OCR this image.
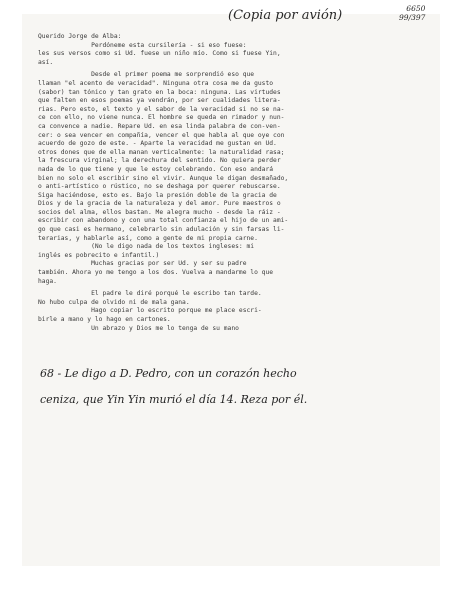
(Copia por avión)	6650
99/397
Querido Jorge de Alba:
Perdóneme esta cursilería - si eso fuese:
les sus versos como si Ud. fuese un niño mío. Como si fuese Yin,
así.
Desde el primer poema me sorprendió eso que
llaman "el acento de veracidad". Ninguna otra cosa me da gusto
(sabor) tan tónico y tan grato en la boca: ninguna. Las virtudes
que falten en esos poemas ya vendrán, por ser cualidades litera-
rias. Pero esto, el texto y el sabor de la veracidad si no se na-
ce con ello, no viene nunca. El hombre se queda en rimador y nun-
ca convence a nadie. Repare Ud. en esa linda palabra de con-ven-
cer: o sea vencer en compañía, vencer el que habla al que oye con
acuerdo de gozo de este. - Aparte la veracidad me gustan en Ud.
otros dones que de ella manan verticalmente: la naturalidad rasa;
la frescura virginal; la derechura del sentido. No quiera perder
nada de lo que tiene y que le estoy celebrando. Con eso andará
bien no solo el escribir sino el vivir. Aunque le digan desmañado,
o anti-artístico o rústico, no se deshaga por querer rebuscarse.
Siga haciéndose, esto es. Bajo la presión doble de la gracia de
Dios y de la gracia de la naturaleza y del amor. Pure maestros o
socios del alma, ellos bastan. Me alegra mucho - desde la ráiz -
escribir con abandono y con una total confianza el hijo de un ami-
go que casi es hermano, celebrarlo sin adulación y sin farsas li-
terarias, y hablarle así, como a gente de mi propia carne.
(No le digo nada de los textos ingleses: mi
inglés es pobrecito e infantil.)
Muchas gracias por ser Ud. y ser su padre
también. Ahora yo me tengo a los dos. Vuelva a mandarme lo que
haga.
El padre le diré porqué le escribo tan tarde.
No hubo culpa de olvido ni de mala gana.
Hago copiar lo escrito porque me place escri-
birle a mano y lo hago en cartones.
Un abrazo y Dios me lo tenga de su mano
68 - Le digo a D. Pedro, con un corazón hecho
ceniza, que Yin Yin murió el día 14. Reza por él.
